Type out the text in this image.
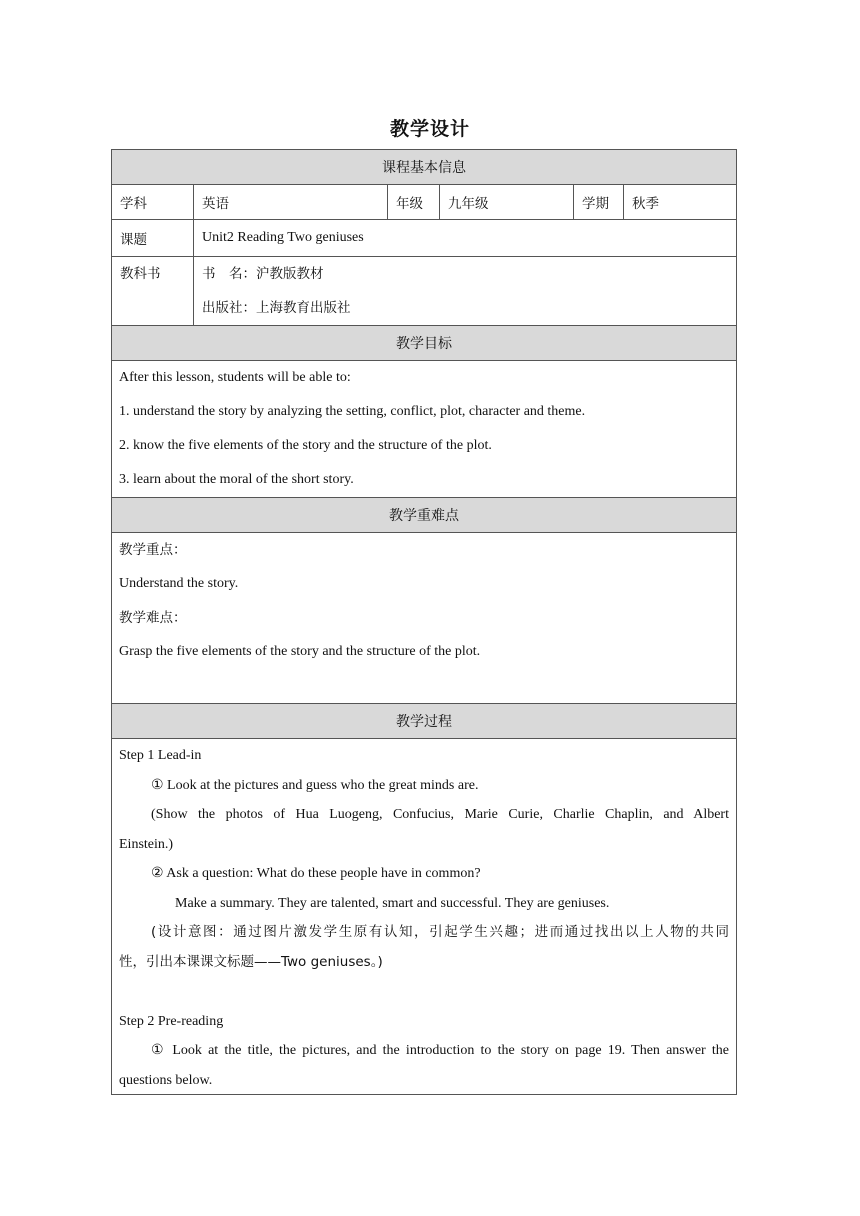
教学设计
课程基本信息
学科	英语	年级	九年级	学期	秋季
课题	Unit2 Reading Two geniuses
教科书	书　名：沪教版教材
出版社：上海教育出版社
教学目标
After this lesson, students will be able to:
1. understand the story by analyzing the setting, conflict, plot, character and theme.
2. know the five elements of the story and the structure of the plot.
3. learn about the moral of the short story.
教学重难点
教学重点：
Understand the story.
教学难点：
Grasp the five elements of the story and the structure of the plot.
教学过程
Step 1 Lead-in
① Look at the pictures and guess who the great minds are.
(Show the photos of Hua Luogeng, Confucius, Marie Curie, Charlie Chaplin, and Albert
Einstein.)
② Ask a question: What do these people have in common?
Make a summary. They are talented, smart and successful. They are geniuses.
(设计意图：通过图片激发学生原有认知，引起学生兴趣；进而通过找出以上人物的共同
性，引出本课课文标题——Two geniuses。)
Step 2 Pre-reading
① Look at the title, the pictures, and the introduction to the story on page 19. Then answer the
questions below.
